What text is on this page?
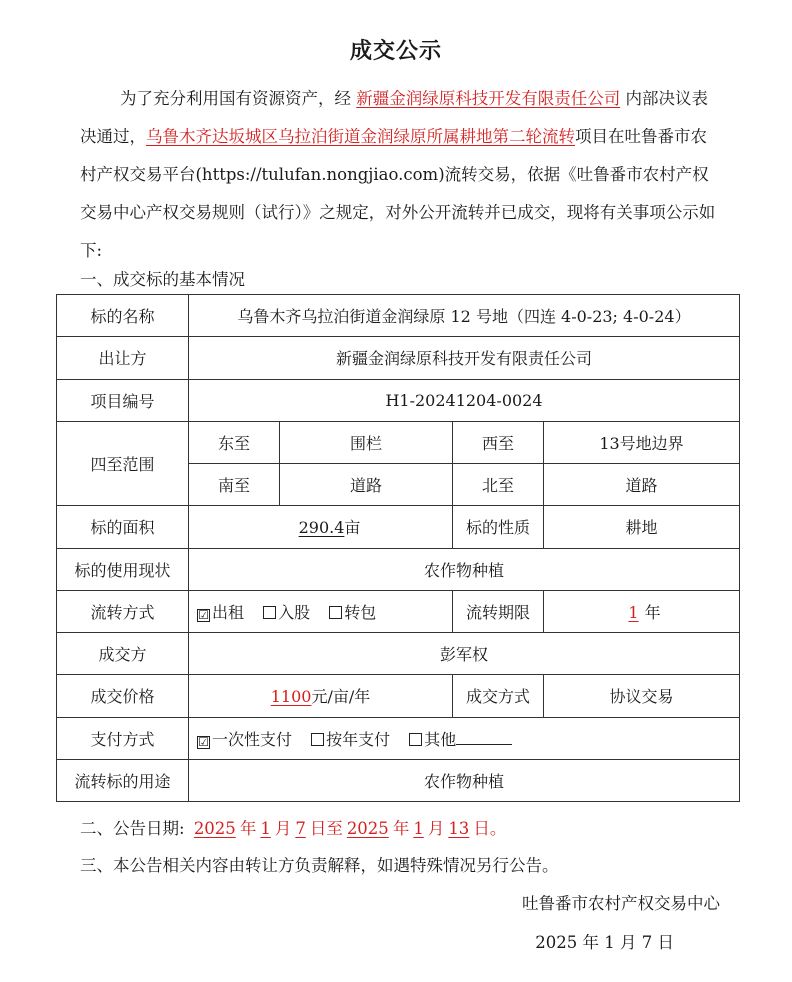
成交公示
为了充分利用国有资源资产，经 新疆金润绿原科技开发有限责任公司 内部决议表决通过，乌鲁木齐达坂城区乌拉泊街道金润绿原所属耕地第二轮流转项目在吐鲁番市农村产权交易平台(https://tulufan.nongjiao.com)流转交易，依据《吐鲁番市农村产权交易中心产权交易规则（试行）》之规定，对外公开流转并已成交，现将有关事项公示如下:
一、成交标的基本情况
标的名称	乌鲁木齐乌拉泊街道金润绿原 12 号地（四连 4-0-23; 4-0-24）			
出让方	新疆金润绿原科技开发有限责任公司			
项目编号	H1-20241204-0024			
四至范围	东至	围栏	西至	13号地边界
	南至	道路	北至	道路
标的面积	290.4亩		标的性质	耕地
标的使用现状	农作物种植			
流转方式	☑ 出租 入股 转包		流转期限	1 年
成交方	彭军权			
成交价格	1100元/亩/年		成交方式	协议交易
支付方式	☑ 一次性支付 按年支付 其他			
流转标的用途	农作物种植			
二、公告日期: 2025 年 1 月 7 日至 2025 年 1 月 13 日。
三、本公告相关内容由转让方负责解释，如遇特殊情况另行公告。
吐鲁番市农村产权交易中心
2025 年 1 月 7 日
